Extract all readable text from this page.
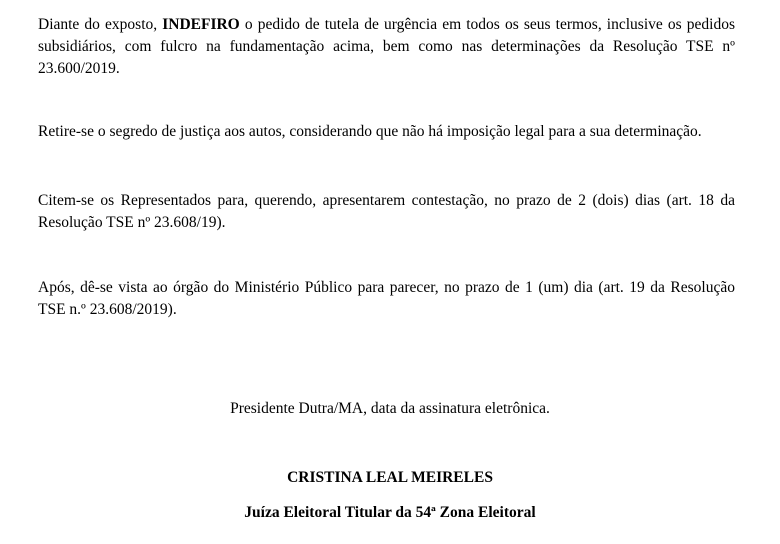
Diante do exposto, INDEFIRO o pedido de tutela de urgência em todos os seus termos, inclusive os pedidos subsidiários, com fulcro na fundamentação acima, bem como nas determinações da Resolução TSE nº 23.600/2019.

Retire-se o segredo de justiça aos autos, considerando que não há imposição legal para a sua determinação.

Citem-se os Representados para, querendo, apresentarem contestação, no prazo de 2 (dois) dias (art. 18 da Resolução TSE nº 23.608/19).

Após, dê-se vista ao órgão do Ministério Público para parecer, no prazo de 1 (um) dia (art. 19 da Resolução TSE n.º 23.608/2019).

Presidente Dutra/MA, data da assinatura eletrônica.

CRISTINA LEAL MEIRELES

Juíza Eleitoral Titular da 54ª Zona Eleitoral
